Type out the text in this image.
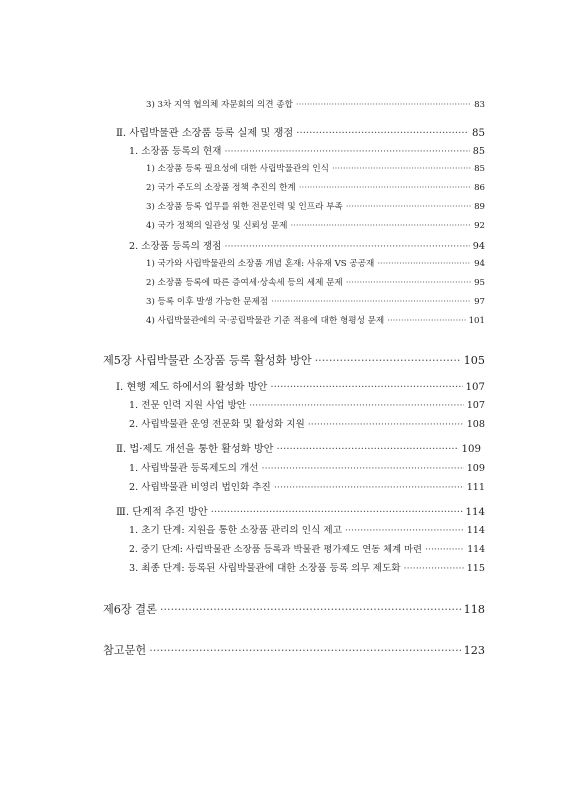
3) 3차 지역 협의체 자문회의 의견 종합 ·····	83
Ⅱ. 사립박물관 소장품 등록 실제 및 쟁점 ·····	85
1. 소장품 등록의 현재 ·····	85
1) 소장품 등록 필요성에 대한 사립박물관의 인식 ·····	85
2) 국가 주도의 소장품 정책 추진의 한계 ·····	86
3) 소장품 등록 업무를 위한 전문인력 및 인프라 부족 ·····	89
4) 국가 정책의 일관성 및 신뢰성 문제 ·····	92
2. 소장품 등록의 쟁점 ·····	94
1) 국가와 사립박물관의 소장품 개념 혼재: 사유재 VS 공공재 ·····	94
2) 소장품 등록에 따른 증여세·상속세 등의 세제 문제 ·····	95
3) 등록 이후 발생 가능한 문제점 ·····	97
4) 사립박물관에의 국·공립박물관 기준 적용에 대한 형평성 문제 ·····	101
제5장 사립박물관 소장품 등록 활성화 방안 ·····	105
Ⅰ. 현행 제도 하에서의 활성화 방안 ·····	107
1. 전문 인력 지원 사업 방안 ·····	107
2. 사립박물관 운영 전문화 및 활성화 지원 ·····	108
Ⅱ. 법·제도 개선을 통한 활성화 방안 ·····	109
1. 사립박물관 등록제도의 개선 ·····	109
2. 사립박물관 비영리 법인화 추진 ·····	111
Ⅲ. 단계적 추진 방안 ·····	114
1. 초기 단계: 지원을 통한 소장품 관리의 인식 제고 ·····	114
2. 중기 단계: 사립박물관 소장품 등록과 박물관 평가제도 연동 체계 마련 ·····	114
3. 최종 단계: 등록된 사립박물관에 대한 소장품 등록 의무 제도화 ·····	115
제6장 결론 ·····	118
참고문헌 ·····	123
